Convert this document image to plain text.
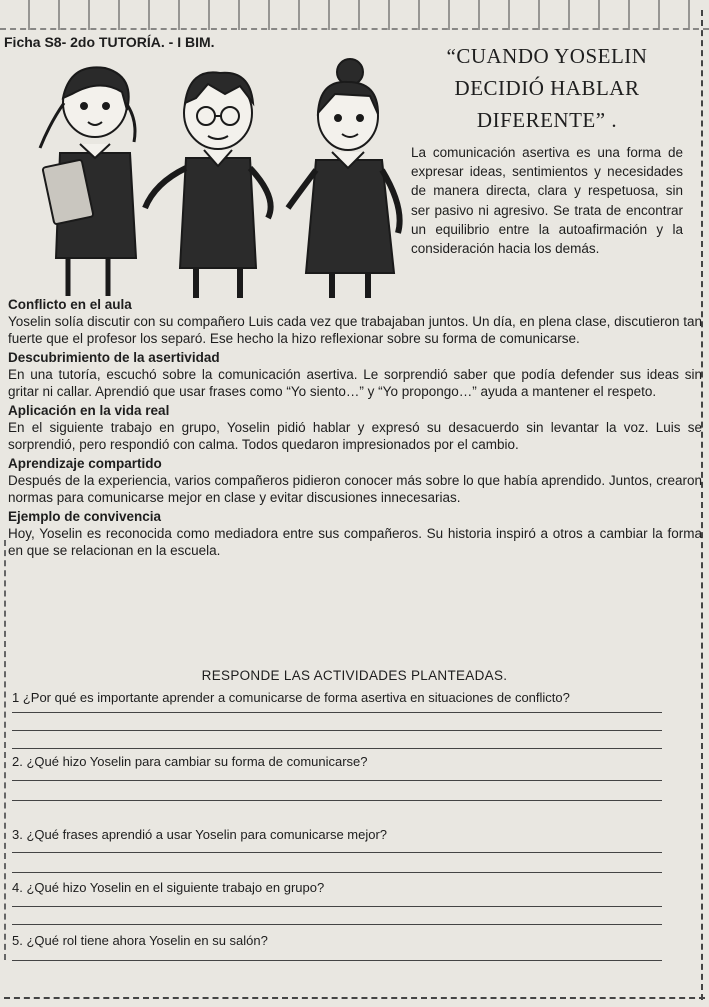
Ficha S8- 2do TUTORÍA. - I BIM.
“CUANDO YOSELIN
DECIDIÓ HABLAR
DIFERENTE” .
La comunicación asertiva es una forma de expresar ideas, sentimientos y necesidades de manera directa, clara y respetuosa, sin ser pasivo ni agresivo. Se trata de encontrar un equilibrio entre la autoafirmación y la consideración hacia los demás.
Conflicto en el aula

Yoselin solía discutir con su compañero Luis cada vez que trabajaban juntos. Un día, en plena clase, discutieron tan fuerte que el profesor los separó. Ese hecho la hizo reflexionar sobre su forma de comunicarse.

Descubrimiento de la asertividad

En una tutoría, escuchó sobre la comunicación asertiva. Le sorprendió saber que podía defender sus ideas sin gritar ni callar. Aprendió que usar frases como “Yo siento…” y “Yo propongo…” ayuda a mantener el respeto.

Aplicación en la vida real

En el siguiente trabajo en grupo, Yoselin pidió hablar y expresó su desacuerdo sin levantar la voz. Luis se sorprendió, pero respondió con calma. Todos quedaron impresionados por el cambio.

Aprendizaje compartido

Después de la experiencia, varios compañeros pidieron conocer más sobre lo que había aprendido. Juntos, crearon normas para comunicarse mejor en clase y evitar discusiones innecesarias.

Ejemplo de convivencia

Hoy, Yoselin es reconocida como mediadora entre sus compañeros. Su historia inspiró a otros a cambiar la forma en que se relacionan en la escuela.

RESPONDE LAS ACTIVIDADES PLANTEADAS.
1 ¿Por qué es importante aprender a comunicarse de forma asertiva en situaciones de conflicto?
2. ¿Qué hizo Yoselin para cambiar su forma de comunicarse?
3. ¿Qué frases aprendió a usar Yoselin para comunicarse mejor?
4. ¿Qué hizo Yoselin en el siguiente trabajo en grupo?
5. ¿Qué rol tiene ahora Yoselin en su salón?
